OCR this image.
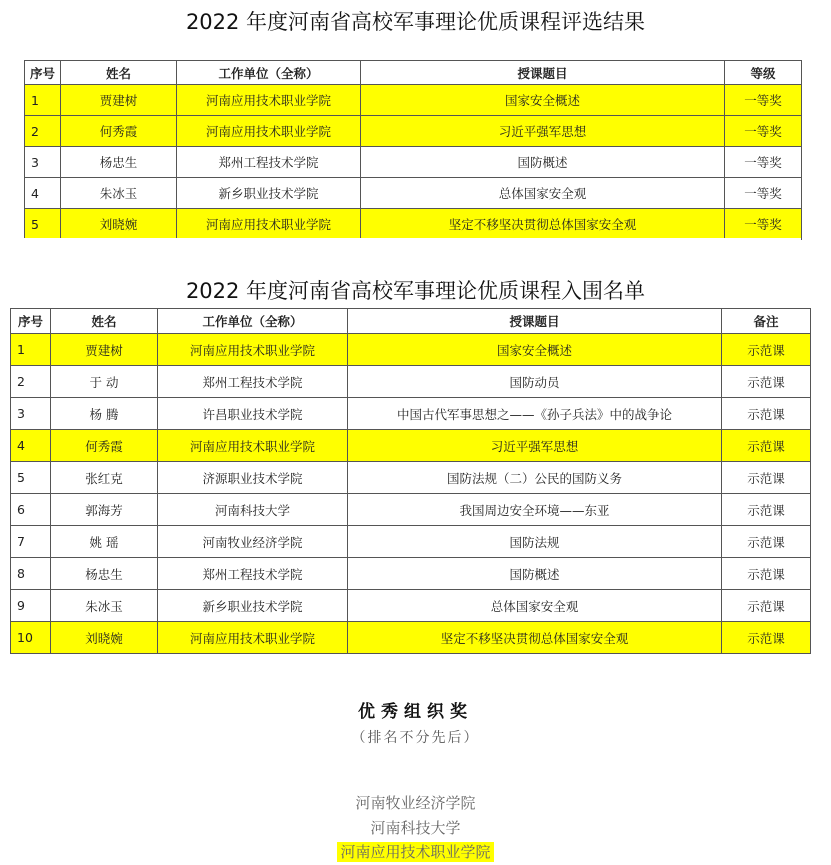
2022 年度河南省高校军事理论优质课程评选结果
序号	姓名	工作单位（全称）	授课题目	等级
1	贾建树	河南应用技术职业学院	国家安全概述	一等奖
2	何秀霞	河南应用技术职业学院	习近平强军思想	一等奖
3	杨忠生	郑州工程技术学院	国防概述	一等奖
4	朱冰玉	新乡职业技术学院	总体国家安全观	一等奖
5	刘晓婉	河南应用技术职业学院	坚定不移坚决贯彻总体国家安全观	一等奖
2022 年度河南省高校军事理论优质课程入围名单
序号	姓名	工作单位（全称）	授课题目	备注
1	贾建树	河南应用技术职业学院	国家安全概述	示范课
2	于 动	郑州工程技术学院	国防动员	示范课
3	杨 腾	许昌职业技术学院	中国古代军事思想之——《孙子兵法》中的战争论	示范课
4	何秀霞	河南应用技术职业学院	习近平强军思想	示范课
5	张红克	济源职业技术学院	国防法规（二）公民的国防义务	示范课
6	郭海芳	河南科技大学	我国周边安全环境——东亚	示范课
7	姚 瑶	河南牧业经济学院	国防法规	示范课
8	杨忠生	郑州工程技术学院	国防概述	示范课
9	朱冰玉	新乡职业技术学院	总体国家安全观	示范课
10	刘晓婉	河南应用技术职业学院	坚定不移坚决贯彻总体国家安全观	示范课
优秀组织奖
（排名不分先后）
河南牧业经济学院
河南科技大学
河南应用技术职业学院
